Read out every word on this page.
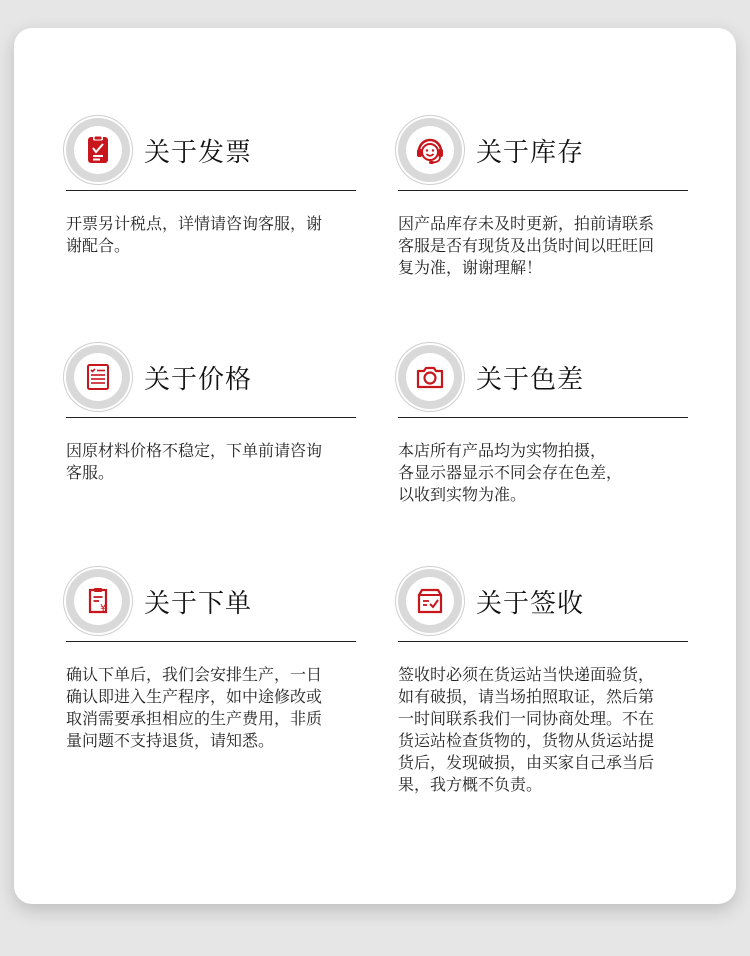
关于发票
开票另计税点，详情请咨询客服，谢
谢配合。
关于库存
因产品库存未及时更新，拍前请联系
客服是否有现货及出货时间以旺旺回
复为准，谢谢理解！
关于价格
因原材料价格不稳定，下单前请咨询
客服。
关于色差
本店所有产品均为实物拍摄，
各显示器显示不同会存在色差，
以收到实物为准。
¥ 关于下单
确认下单后，我们会安排生产，一日
确认即进入生产程序，如中途修改或
取消需要承担相应的生产费用，非质
量问题不支持退货，请知悉。
关于签收
签收时必须在货运站当快递面验货，
如有破损，请当场拍照取证，然后第
一时间联系我们一同协商处理。不在
货运站检查货物的，货物从货运站提
货后，发现破损，由买家自己承当后
果，我方概不负责。
